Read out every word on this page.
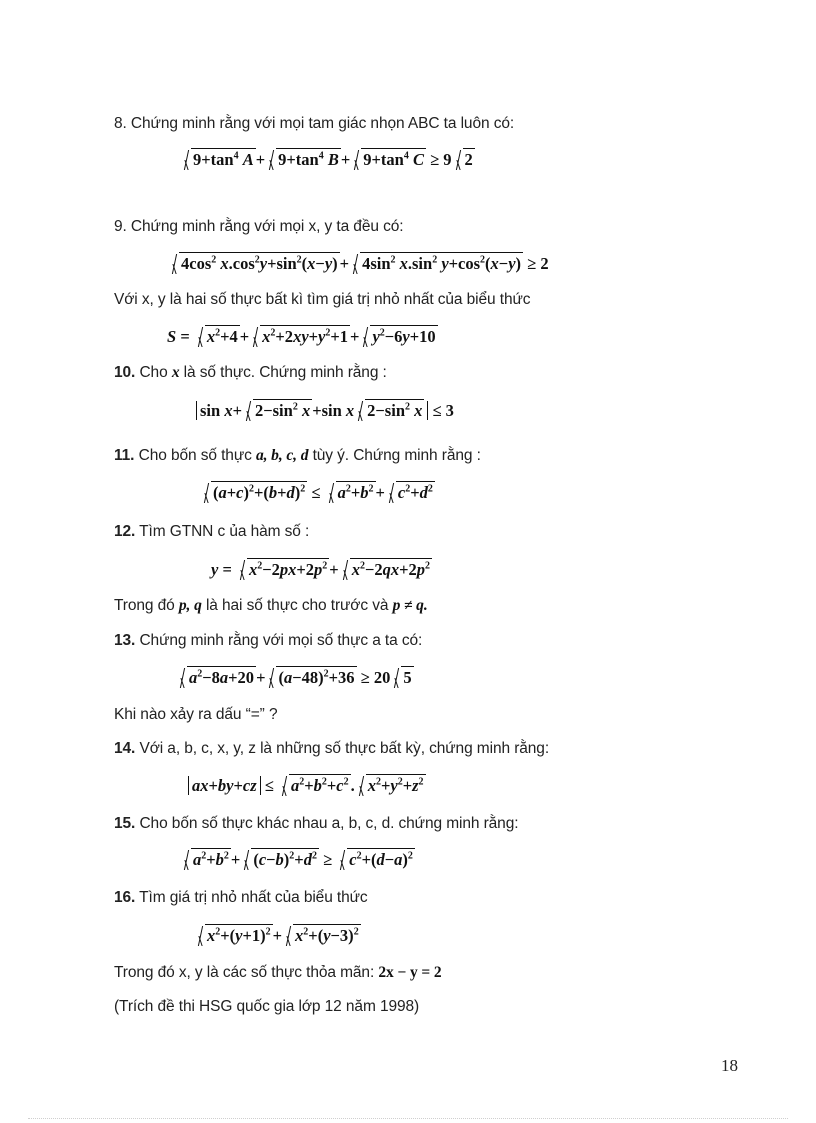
8. Chứng minh rằng với mọi tam giác nhọn ABC ta luôn có:
$9+\tan^4$ $A + 9+\tan^4$ $B + 9+\tan^4$ C ≥ 9 2
9. Chứng minh rằng với mọi x, y ta đều có:
$4\cos^2$ $x.\cos^2y+\sin^2(x-y) + 4\sin^2$ $x.\sin^2$ $y+\cos^2(x-y) \ge 2$
Với x, y là hai số thực bất kì tìm giá trị nhỏ nhất của biểu thức
$S = x^2+4 + x^2+2xy+y^2+1 + y^2-6y+10$
10. Cho x là số thực. Chứng minh rằng :
$\sin x+ 2-\sin^2$ x +sin x $2-\sin^2$ x ≤ 3
11. Cho bốn số thực a, b, c, d tùy ý. Chứng minh rằng :
$(a+c)^2+(b+d)^2 \le a^2+b^2 + c^2+d^2$
12. Tìm GTNN c ủa hàm số :
$y = x^2-2px+2p^2 + x^2-2qx+2p^2$
Trong đó p, q là hai số thực cho trước và p ≠ q.
13. Chứng minh rằng với mọi số thực a ta có:
$a^2-8a+20 + (a-48)^2+36 \ge 20$ 5
Khi nào xảy ra dấu “=” ?
14. Với a, b, c, x, y, z là những số thực bất kỳ, chứng minh rằng:
$ax+by+cz \le a^2+b^2+c^2$ . $x^2+y^2+z^2$
15. Cho bốn số thực khác nhau a, b, c, d. chứng minh rằng:
$a^2+b^2 + (c-b)^2+d^2 \ge c^2+(d-a)^2$
16. Tìm giá trị nhỏ nhất của biểu thức
$x^2+(y+1)^2 + x^2+(y-3)^2$
Trong đó x, y là các số thực thỏa mãn: 2x − y = 2
(Trích đề thi HSG quốc gia lớp 12 năm 1998)
18
